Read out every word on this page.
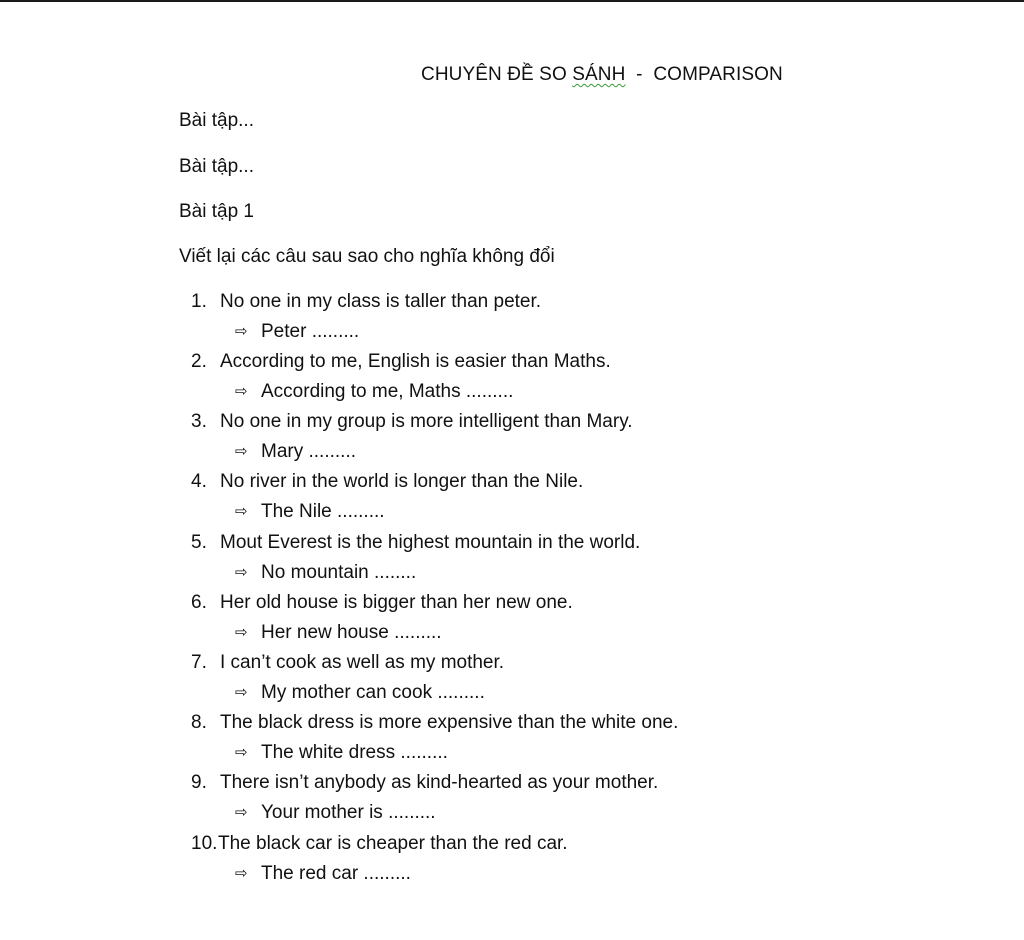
CHUYÊN ĐỀ SO SÁNH  -  COMPARISON
Bài tập...
Bài tập...
Bài tập 1
Viết lại các câu sau sao cho nghĩa không đổi
1. No one in my class is taller than peter.
⇨ Peter .........
2. According to me, English is easier than Maths.
⇨ According to me, Maths .........
3. No one in my group is more intelligent than Mary.
⇨ Mary .........
4. No river in the world is longer than the Nile.
⇨ The Nile .........
5. Mout Everest is the highest mountain in the world.
⇨ No mountain ........
6. Her old house is bigger than her new one.
⇨ Her new house .........
7. I can’t cook as well as my mother.
⇨ My mother can cook .........
8. The black dress is more expensive than the white one.
⇨ The white dress .........
9. There isn’t anybody as kind-hearted as your mother.
⇨ Your mother is .........
10. The black car is cheaper than the red car.
⇨ The red car .........
